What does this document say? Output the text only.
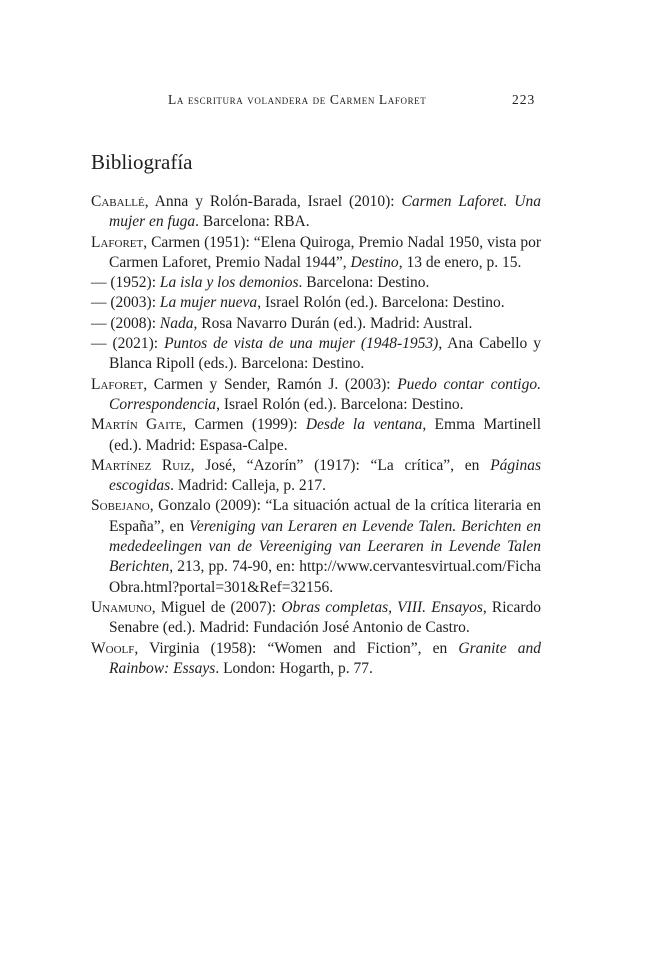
La escritura volandera de Carmen Laforet	223
Bibliografía

Caballé, Anna y Rolón-Barada, Israel (2010): Carmen Laforet. Una mujer en fuga. Barcelona: RBA.

Laforet, Carmen (1951): “Elena Quiroga, Premio Nadal 1950, vista por Carmen Laforet, Premio Nadal 1944”, Destino, 13 de enero, p. 15.

— (1952): La isla y los demonios. Barcelona: Destino.

— (2003): La mujer nueva, Israel Rolón (ed.). Barcelona: Destino.

— (2008): Nada, Rosa Navarro Durán (ed.). Madrid: Austral.

— (2021): Puntos de vista de una mujer (1948-1953), Ana Cabello y Blanca Ripoll (eds.). Barcelona: Destino.

Laforet, Carmen y Sender, Ramón J. (2003): Puedo contar contigo. Correspondencia, Israel Rolón (ed.). Barcelona: Destino.

Martín Gaite, Carmen (1999): Desde la ventana, Emma Martinell (ed.). Madrid: Espasa-Calpe.

Martínez Ruiz, José, “Azorín” (1917): “La crítica”, en Páginas escogidas. Madrid: Calleja, p. 217.

Sobejano, Gonzalo (2009): “La situación actual de la crítica literaria en España”, en Vereniging van Leraren en Levende Talen. Berichten en mededeelingen van de Vereeniging van Leeraren in Levende Talen Berichten, 213, pp. 74-90, en: http://www.cervantesvirtual.com/FichaObra.html?portal=301&Ref=32156.

Unamuno, Miguel de (2007): Obras completas, VIII. Ensayos, Ricardo Senabre (ed.). Madrid: Fundación José Antonio de Castro.

Woolf, Virginia (1958): “Women and Fiction”, en Granite and Rainbow: Essays. London: Hogarth, p. 77.
